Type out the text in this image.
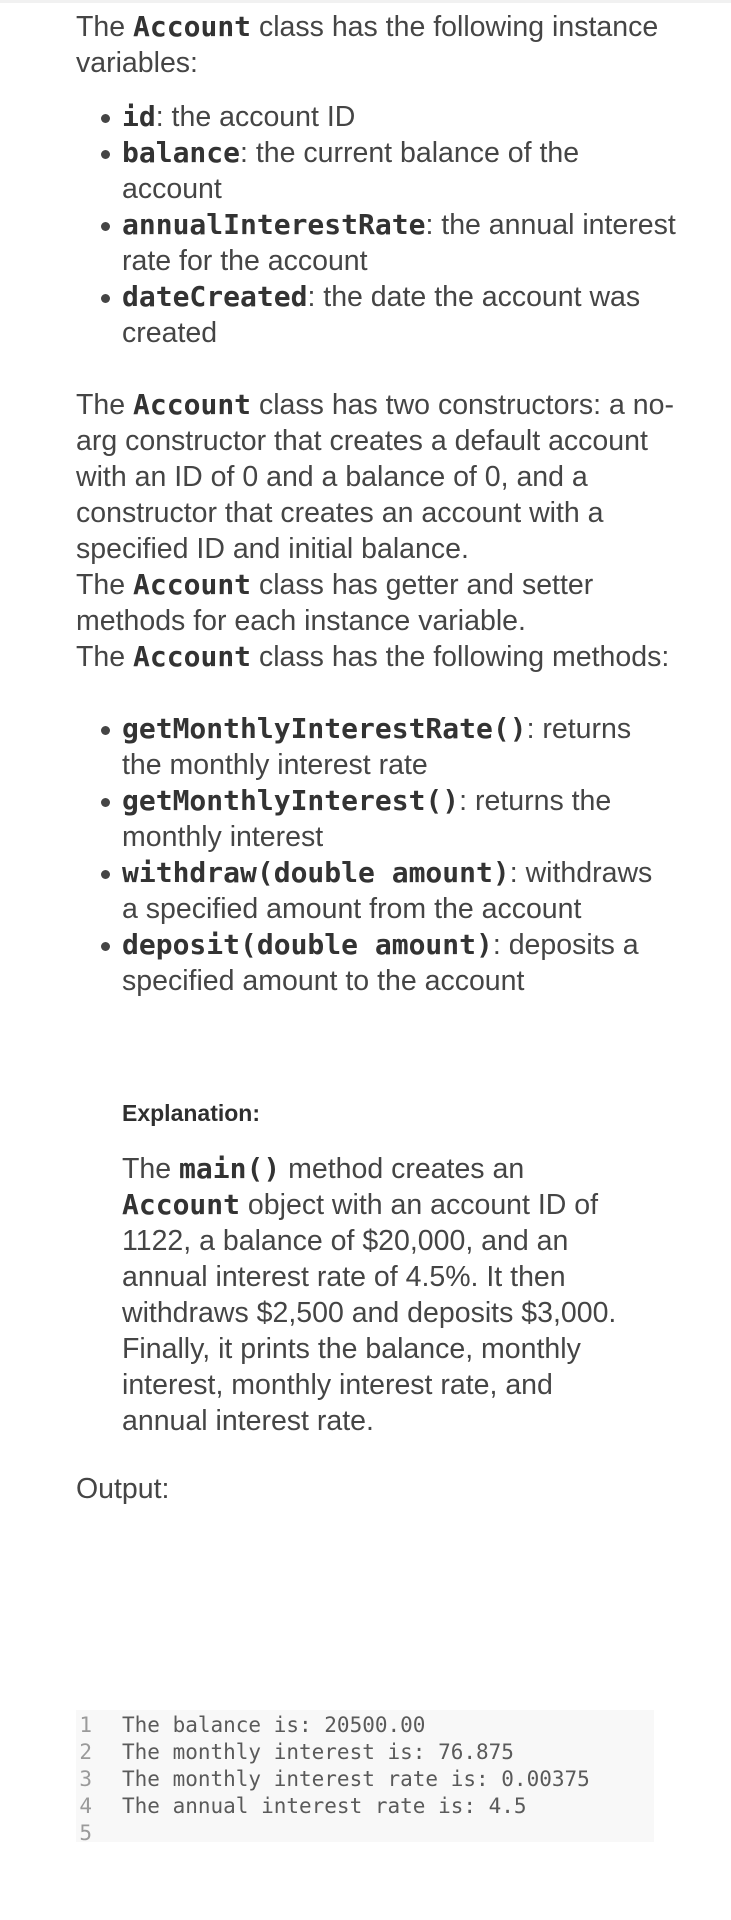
The Account class has the following instance variables:

id: the account ID
balance: the current balance of the account
annualInterestRate: the annual interest rate for the account
dateCreated: the date the account was created

The Account class has two constructors: a no-arg constructor that creates a default account with an ID of 0 and a balance of 0, and a constructor that creates an account with a specified ID and initial balance.

The Account class has getter and setter methods for each instance variable.

The Account class has the following methods:

getMonthlyInterestRate(): returns the monthly interest rate
getMonthlyInterest(): returns the monthly interest
withdraw(double amount): withdraws a specified amount from the account
deposit(double amount): deposits a specified amount to the account
Explanation:

The main() method creates an Account object with an account ID of 1122, a balance of $20,000, and an annual interest rate of 4.5%. It then withdraws $2,500 and deposits $3,000. Finally, it prints the balance, monthly interest, monthly interest rate, and annual interest rate.

Output:

1 The balance is: 20500.00
2 The monthly interest is: 76.875
3 The monthly interest rate is: 0.00375
4 The annual interest rate is: 4.5
5
